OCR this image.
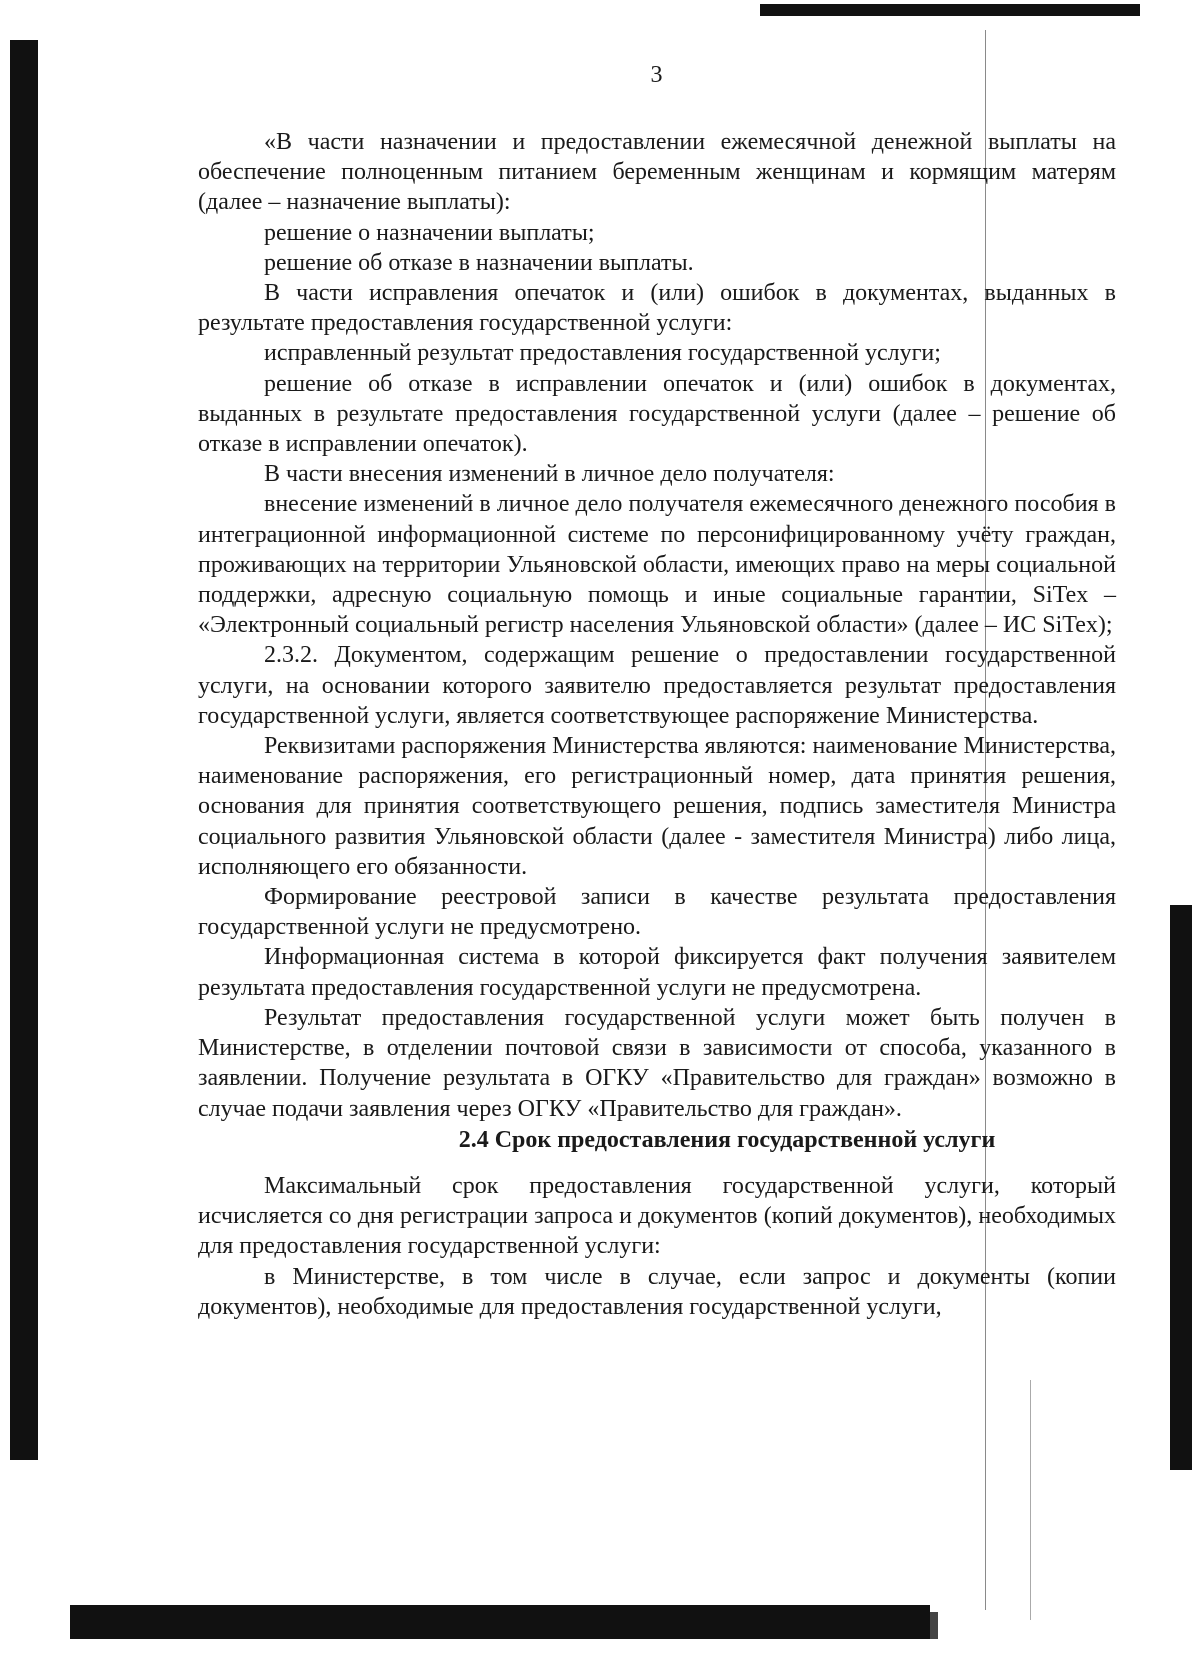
3

«В части назначении и предоставлении ежемесячной денежной выплаты на обеспечение полноценным питанием беременным женщинам и кормящим матерям (далее – назначение выплаты):

решение о назначении выплаты;

решение об отказе в назначении выплаты.

В части исправления опечаток и (или) ошибок в документах, выданных в результате предоставления государственной услуги:

исправленный результат предоставления государственной услуги;

решение об отказе в исправлении опечаток и (или) ошибок в документах, выданных в результате предоставления государственной услуги (далее – решение об отказе в исправлении опечаток).

В части внесения изменений в личное дело получателя:

внесение изменений в личное дело получателя ежемесячного денежного пособия в интеграционной информационной системе по персонифицированному учёту граждан, проживающих на территории Ульяновской области, имеющих право на меры социальной поддержки, адресную социальную помощь и иные социальные гарантии, SiTex – «Электронный социальный регистр населения Ульяновской области» (далее – ИС SiTex);

2.3.2. Документом, содержащим решение о предоставлении государственной услуги, на основании которого заявителю предоставляется результат предоставления государственной услуги, является соответствующее распоряжение Министерства.

Реквизитами распоряжения Министерства являются: наименование Министерства, наименование распоряжения, его регистрационный номер, дата принятия решения, основания для принятия соответствующего решения, подпись заместителя Министра социального развития Ульяновской области (далее - заместителя Министра) либо лица, исполняющего его обязанности.

Формирование реестровой записи в качестве результата предоставления государственной услуги не предусмотрено.

Информационная система в которой фиксируется факт получения заявителем результата предоставления государственной услуги не предусмотрена.

Результат предоставления государственной услуги может быть получен в Министерстве, в отделении почтовой связи в зависимости от способа, указанного в заявлении. Получение результата в ОГКУ «Правительство для граждан» возможно в случае подачи заявления через ОГКУ «Правительство для граждан».

2.4 Срок предоставления государственной услуги

Максимальный срок предоставления государственной услуги, который исчисляется со дня регистрации запроса и документов (копий документов), необходимых для предоставления государственной услуги:

в Министерстве, в том числе в случае, если запрос и документы (копии документов), необходимые для предоставления государственной услуги,
